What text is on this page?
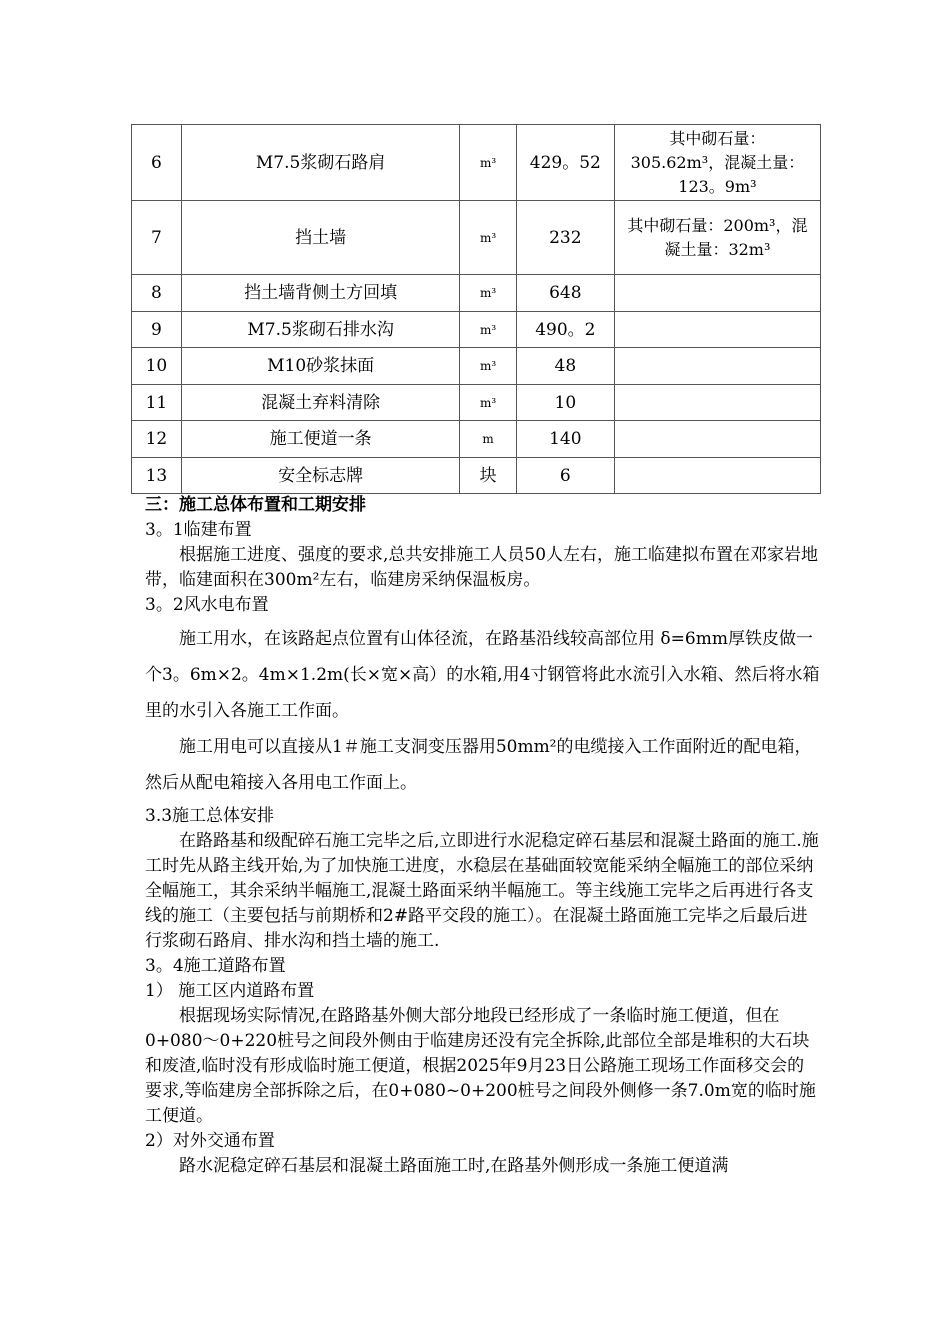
6	M7.5浆砌石路肩	m³	429。52	其中砌石量：305.62m³，混凝土量：123。9m³
7	挡土墙	m³	232	其中砌石量：200m³，混凝土量：32m³
8	挡土墙背侧土方回填	m³	648	
9	M7.5浆砌石排水沟	m³	490。2	
10	M10砂浆抹面	m³	48	
11	混凝土弃料清除	m³	10	
12	施工便道一条	m	140	
13	安全标志牌	块	6	

三：施工总体布置和工期安排

3。1临建布置

根据施工进度、强度的要求,总共安排施工人员50人左右，施工临建拟布置在邓家岩地带，临建面积在300m²左右，临建房采纳保温板房。

3。2风水电布置

施工用水，在该路起点位置有山体径流，在路基沿线较高部位用 δ=6mm厚铁皮做一个3。6m×2。4m×1.2m(长×宽×高）的水箱,用4寸钢管将此水流引入水箱、然后将水箱里的水引入各施工工作面。

施工用电可以直接从1＃施工支洞变压器用50mm²的电缆接入工作面附近的配电箱，然后从配电箱接入各用电工作面上。

3.3施工总体安排

在路路基和级配碎石施工完毕之后,立即进行水泥稳定碎石基层和混凝土路面的施工.施工时先从路主线开始,为了加快施工进度，水稳层在基础面较宽能采纳全幅施工的部位采纳全幅施工，其余采纳半幅施工,混凝土路面采纳半幅施工。等主线施工完毕之后再进行各支线的施工（主要包括与前期桥和2#路平交段的施工）。在混凝土路面施工完毕之后最后进行浆砌石路肩、排水沟和挡土墙的施工.

3。4施工道路布置

1） 施工区内道路布置

根据现场实际情况,在路路基外侧大部分地段已经形成了一条临时施工便道，但在0+080～0+220桩号之间段外侧由于临建房还没有完全拆除,此部位全部是堆积的大石块和废渣,临时没有形成临时施工便道，根据2025年9月23日公路施工现场工作面移交会的要求,等临建房全部拆除之后，在0+080~0+200桩号之间段外侧修一条7.0m宽的临时施工便道。

2）对外交通布置

路水泥稳定碎石基层和混凝土路面施工时,在路基外侧形成一条施工便道满
